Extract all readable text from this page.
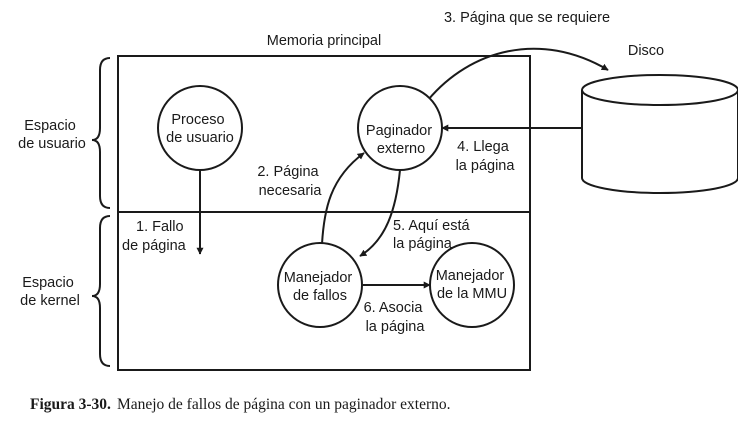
Memoria principal
Espacio de usuario
Espacio de kernel
Disco
Proceso de usuario	Paginador externo
Manejador de fallos
Manejador de la MMU
1. Fallo de página
2. Página necesaria
3. Página que se requiere
4. Llega la página
5. Aquí está la página
6. Asocia la página
Figura 3-30. Manejo de fallos de página con un paginador externo.
